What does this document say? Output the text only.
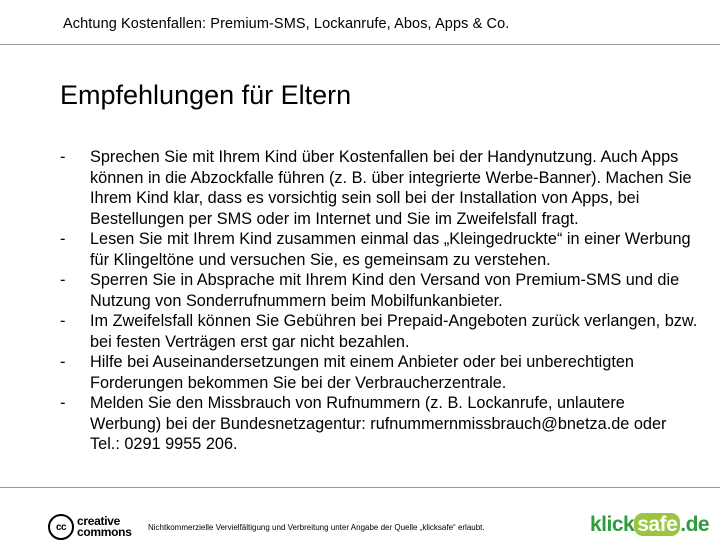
Achtung Kostenfallen: Premium-SMS, Lockanrufe, Abos, Apps & Co.
Empfehlungen für Eltern
- Sprechen Sie mit Ihrem Kind über Kostenfallen bei der Handynutzung. Auch Apps können in die Abzockfalle führen (z. B. über integrierte Werbe-Banner). Machen Sie Ihrem Kind klar, dass es vorsichtig sein soll bei der Installation von Apps, bei Bestellungen per SMS oder im Internet und Sie im Zweifelsfall fragt.
- Lesen Sie mit Ihrem Kind zusammen einmal das „Kleingedruckte“ in einer Werbung für Klingeltöne und versuchen Sie, es gemeinsam zu verstehen.
- Sperren Sie in Absprache mit Ihrem Kind den Versand von Premium-SMS und die Nutzung von Sonderrufnummern beim Mobilfunkanbieter.
- Im Zweifelsfall können Sie Gebühren bei Prepaid-Angeboten zurück verlangen, bzw. bei festen Verträgen erst gar nicht bezahlen.
- Hilfe bei Auseinandersetzungen mit einem Anbieter oder bei unberechtigten Forderungen bekommen Sie bei der Verbraucherzentrale.
- Melden Sie den Missbrauch von Rufnummern (z. B. Lockanrufe, unlautere Werbung) bei der Bundesnetzagentur: rufnummernmissbrauch@bnetza.de oder Tel.: 0291 9955 206.
cc creative
commons Nichtkommerzielle Vervielfältigung und Verbreitung unter Angabe der Quelle „klicksafe“ erlaubt.	klick safe .de
